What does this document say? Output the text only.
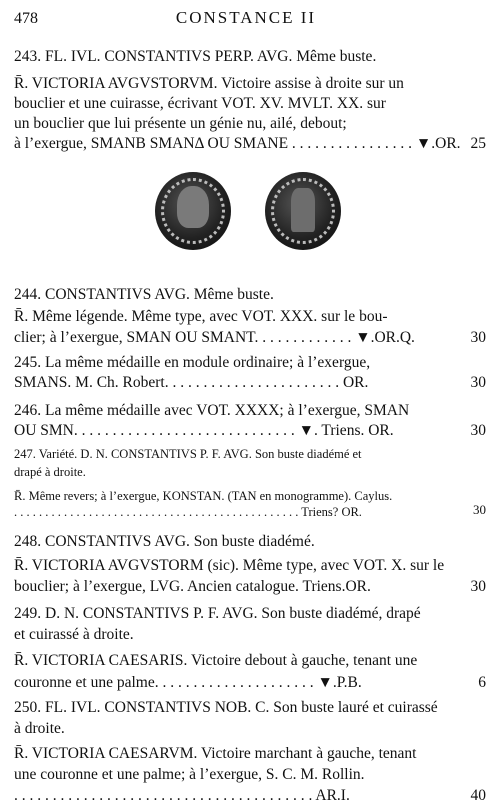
478	CONSTANCE II
243. FL. IVL. CONSTANTIVS PERP. AVG. Même buste.
R̄. VICTORIA AVGVSTORVM. Victoire assise à droite sur un
bouclier et une cuirasse, écrivant VOT. XV. MVLT. XX. sur
un bouclier que lui présente un génie nu, ailé, debout;
à l’exergue, SMANB SMANΔ OU SMANE . . . . . . . . . . . . . . . . ▼.OR. 25
244. CONSTANTIVS AVG. Même buste.
R̄. Même légende. Même type, avec VOT. XXX. sur le bou-
clier; à l’exergue, SMAN OU SMANT. . . . . . . . . . . . . ▼.OR.Q.	30
245. La même médaille en module ordinaire; à l’exergue,
SMANS. M. Ch. Robert. . . . . . . . . . . . . . . . . . . . . . . OR.	30
246. La même médaille avec VOT. XXXX; à l’exergue, SMAN
OU SMN. . . . . . . . . . . . . . . . . . . . . . . . . . . . . ▼. Triens. OR.	30
247. Variété. D. N. CONSTANTIVS P. F. AVG. Son buste diadémé et
drapé à droite.
R̄. Même revers; à l’exergue, KONSTAN. (TAN en monogramme). Caylus.
. . . . . . . . . . . . . . . . . . . . . . . . . . . . . . . . . . . . . . . . . . . . . . Triens? OR.	30
248. CONSTANTIVS AVG. Son buste diadémé.
R̄. VICTORIA AVGVSTORM (sic). Même type, avec VOT. X. sur le
bouclier; à l’exergue, LVG. Ancien catalogue. Triens.OR.	30
249. D. N. CONSTANTIVS P. F. AVG. Son buste diadémé, drapé
et cuirassé à droite.
R̄. VICTORIA CAESARIS. Victoire debout à gauche, tenant une
couronne et une palme. . . . . . . . . . . . . . . . . . . . . ▼.P.B.	6
250. FL. IVL. CONSTANTIVS NOB. C. Son buste lauré et cuirassé
à droite.
R̄. VICTORIA CAESARVM. Victoire marchant à gauche, tenant
une couronne et une palme; à l’exergue, S. C. M. Rollin.
. . . . . . . . . . . . . . . . . . . . . . . . . . . . . . . . . . . . . . . AR.I.	40
